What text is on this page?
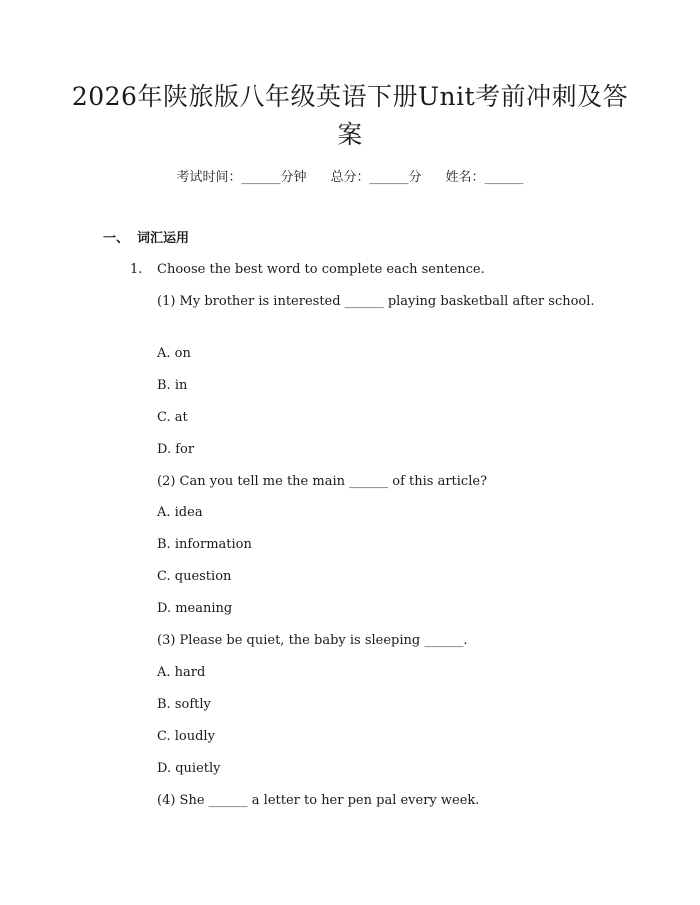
2026年陕旅版八年级英语下册Unit考前冲刺及答案
考试时间：______分钟 总分：______分 姓名：______
一、 词汇运用
1. Choose the best word to complete each sentence.
(1) My brother is interested ______ playing basketball after school.
A. on
B. in
C. at
D. for
(2) Can you tell me the main ______ of this article?
A. idea
B. information
C. question
D. meaning
(3) Please be quiet, the baby is sleeping ______.
A. hard
B. softly
C. loudly
D. quietly
(4) She ______ a letter to her pen pal every week.
